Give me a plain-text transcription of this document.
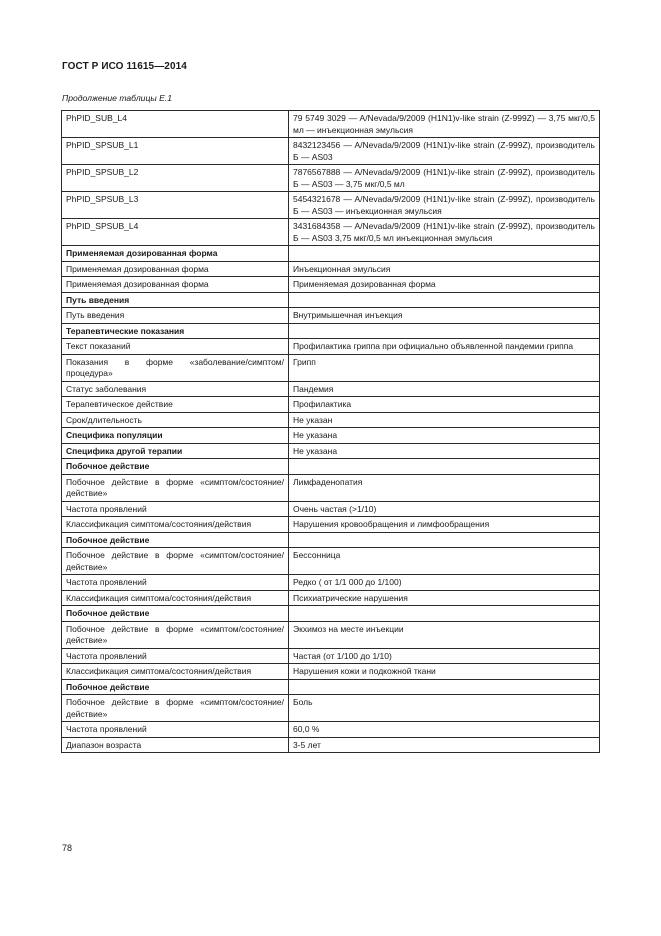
ГОСТ Р ИСО 11615—2014
Продолжение таблицы Е.1
PhPID_SUB_L4	79 5749 3029 — A/Nevada/9/2009 (H1N1)v-like strain (Z-999Z) — 3,75 мкг/0,5 мл — инъекционная эмульсия
PhPID_SPSUB_L1	8432123456 — A/Nevada/9/2009 (H1N1)v-like strain (Z-999Z), производитель Б — AS03
PhPID_SPSUB_L2	7876567888 — A/Nevada/9/2009 (H1N1)v-like strain (Z-999Z), производитель Б — AS03 — 3,75 мкг/0,5 мл
PhPID_SPSUB_L3	5454321678 — A/Nevada/9/2009 (H1N1)v-like strain (Z-999Z), производитель Б — AS03 — инъекционная эмульсия
PhPID_SPSUB_L4	3431684358 — A/Nevada/9/2009 (H1N1)v-like strain (Z-999Z), производитель Б — AS03 3,75 мкг/0,5 мл инъекционная эмульсия
Применяемая дозированная форма	
Применяемая дозированная форма	Инъекционная эмульсия
Применяемая дозированная форма	Применяемая дозированная форма
Путь введения	
Путь введения	Внутримышечная инъекция
Терапевтические показания	
Текст показаний	Профилактика гриппа при официально объявленной пандемии гриппа
Показания в форме «заболевание/симптом/процедура»	Грипп
Статус заболевания	Пандемия
Терапевтическое действие	Профилактика
Срок/длительность	Не указан
Специфика популяции	Не указана
Специфика другой терапии	Не указана
Побочное действие	
Побочное действие в форме «симптом/состояние/действие»	Лимфаденопатия
Частота проявлений	Очень частая (>1/10)
Классификация симптома/состояния/действия	Нарушения кровообращения и лимфообращения
Побочное действие	
Побочное действие в форме «симптом/состояние/действие»	Бессонница
Частота проявлений	Редко ( от 1/1 000 до 1/100)
Классификация симптома/состояния/действия	Психиатрические нарушения
Побочное действие	
Побочное действие в форме «симптом/состояние/действие»	Экхимоз на месте инъекции
Частота проявлений	Частая (от 1/100 до 1/10)
Классификация симптома/состояния/действия	Нарушения кожи и подкожной ткани
Побочное действие	
Побочное действие в форме «симптом/состояние/действие»	Боль
Частота проявлений	60,0 %
Диапазон возраста	3-5 лет
78
